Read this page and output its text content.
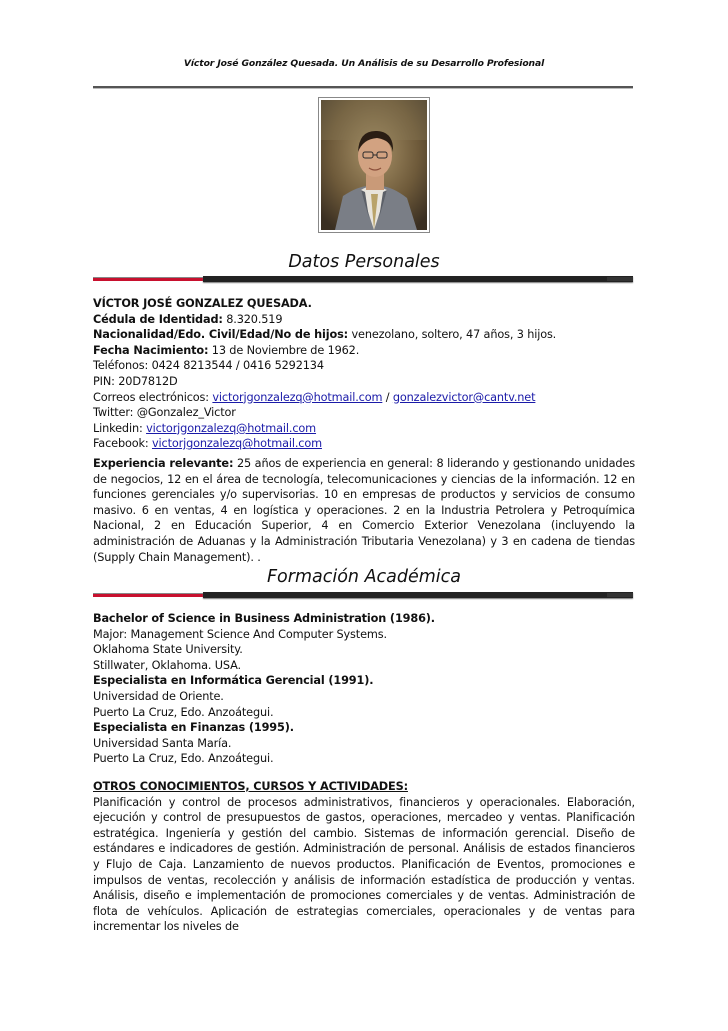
Víctor José González Quesada. Un Análisis de su Desarrollo Profesional
Datos Personales

VÍCTOR JOSÉ GONZALEZ QUESADA.

Cédula de Identidad: 8.320.519

Nacionalidad/Edo. Civil/Edad/No de hijos: venezolano, soltero, 47 años, 3 hijos.

Fecha Nacimiento: 13 de Noviembre de 1962.

Teléfonos: 0424 8213544 / 0416 5292134

PIN: 20D7812D

Correos electrónicos: victorjgonzalezq@hotmail.com / gonzalezvictor@cantv.net

Twitter: @Gonzalez_Victor

Linkedin: victorjgonzalezq@hotmail.com

Facebook: victorjgonzalezq@hotmail.com

Experiencia relevante: 25 años de experiencia en general: 8 liderando y gestionando unidades de negocios, 12 en el área de tecnología, telecomunicaciones y ciencias de la información. 12 en funciones gerenciales y/o supervisorias. 10 en empresas de productos y servicios de consumo masivo. 6 en ventas, 4 en logística y operaciones. 2 en la Industria Petrolera y Petroquímica Nacional, 2 en Educación Superior, 4 en Comercio Exterior Venezolana (incluyendo la administración de Aduanas y la Administración Tributaria Venezolana) y 3 en cadena de tiendas (Supply Chain Management). .

Formación Académica

Bachelor of Science in Business Administration (1986).

Major: Management Science And Computer Systems.

Oklahoma State University.

Stillwater, Oklahoma. USA.

Especialista en Informática Gerencial (1991).

Universidad de Oriente.

Puerto La Cruz, Edo. Anzoátegui.

Especialista en Finanzas (1995).

Universidad Santa María.

Puerto La Cruz, Edo. Anzoátegui.

OTROS CONOCIMIENTOS, CURSOS Y ACTIVIDADES:

Planificación y control de procesos administrativos, financieros y operacionales. Elaboración, ejecución y control de presupuestos de gastos, operaciones, mercadeo y ventas. Planificación estratégica. Ingeniería y gestión del cambio. Sistemas de información gerencial. Diseño de estándares e indicadores de gestión. Administración de personal. Análisis de estados financieros y Flujo de Caja. Lanzamiento de nuevos productos. Planificación de Eventos, promociones e impulsos de ventas, recolección y análisis de información estadística de producción y ventas. Análisis, diseño e implementación de promociones comerciales y de ventas. Administración de flota de vehículos. Aplicación de estrategias comerciales, operacionales y de ventas para incrementar los niveles de
